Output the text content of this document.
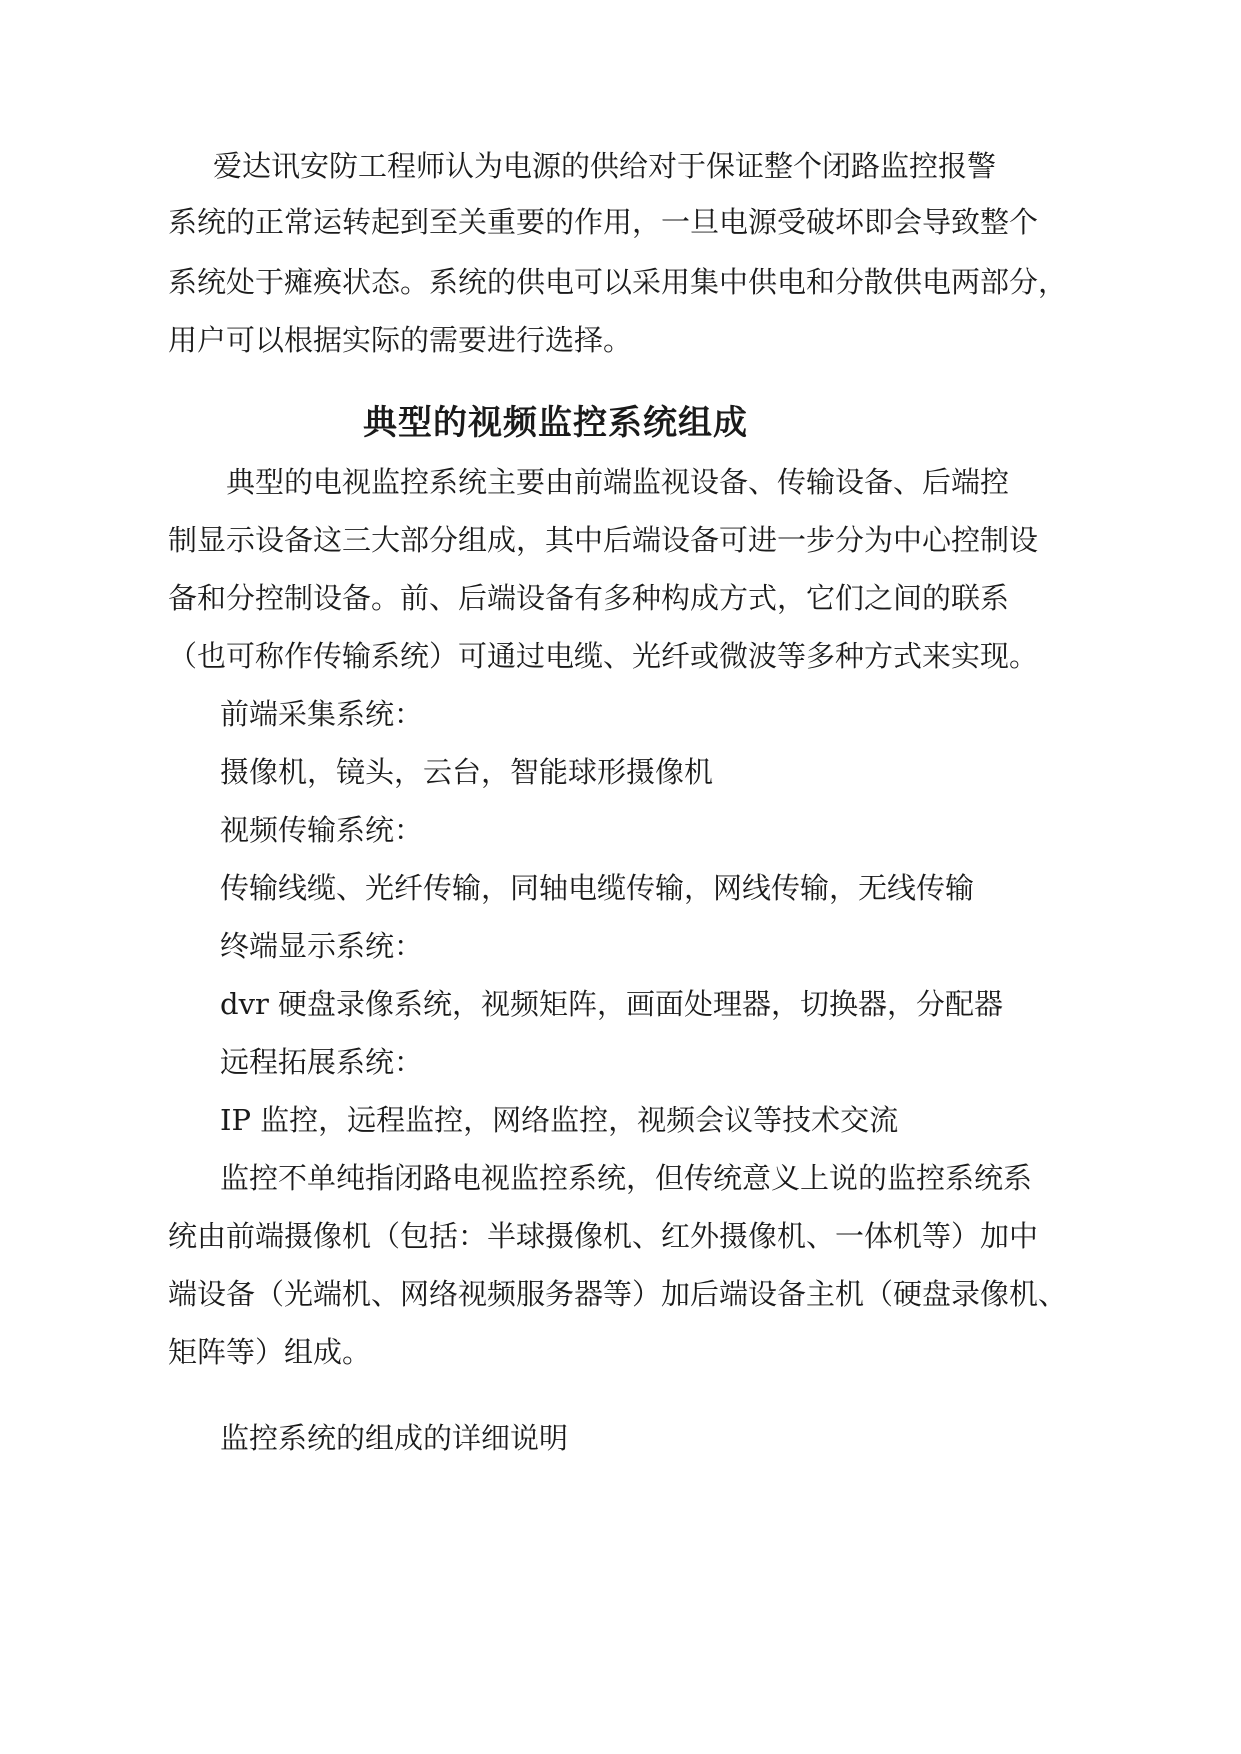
爱达讯安防工程师认为电源的供给对于保证整个闭路监控报警
系统的正常运转起到至关重要的作用，一旦电源受破坏即会导致整个
系统处于瘫痪状态。系统的供电可以采用集中供电和分散供电两部分，
用户可以根据实际的需要进行选择。
典型的视频监控系统组成
典型的电视监控系统主要由前端监视设备、传输设备、后端控
制显示设备这三大部分组成，其中后端设备可进一步分为中心控制设
备和分控制设备。前、后端设备有多种构成方式，它们之间的联系
（也可称作传输系统）可通过电缆、光纤或微波等多种方式来实现。
前端采集系统：
摄像机，镜头，云台，智能球形摄像机
视频传输系统：
传输线缆、光纤传输，同轴电缆传输，网线传输，无线传输
终端显示系统：
dvr 硬盘录像系统，视频矩阵，画面处理器，切换器，分配器
远程拓展系统：
IP 监控，远程监控，网络监控，视频会议等技术交流
监控不单纯指闭路电视监控系统，但传统意义上说的监控系统系
统由前端摄像机（包括：半球摄像机、红外摄像机、一体机等）加中
端设备（光端机、网络视频服务器等）加后端设备主机（硬盘录像机、
矩阵等）组成。
监控系统的组成的详细说明
